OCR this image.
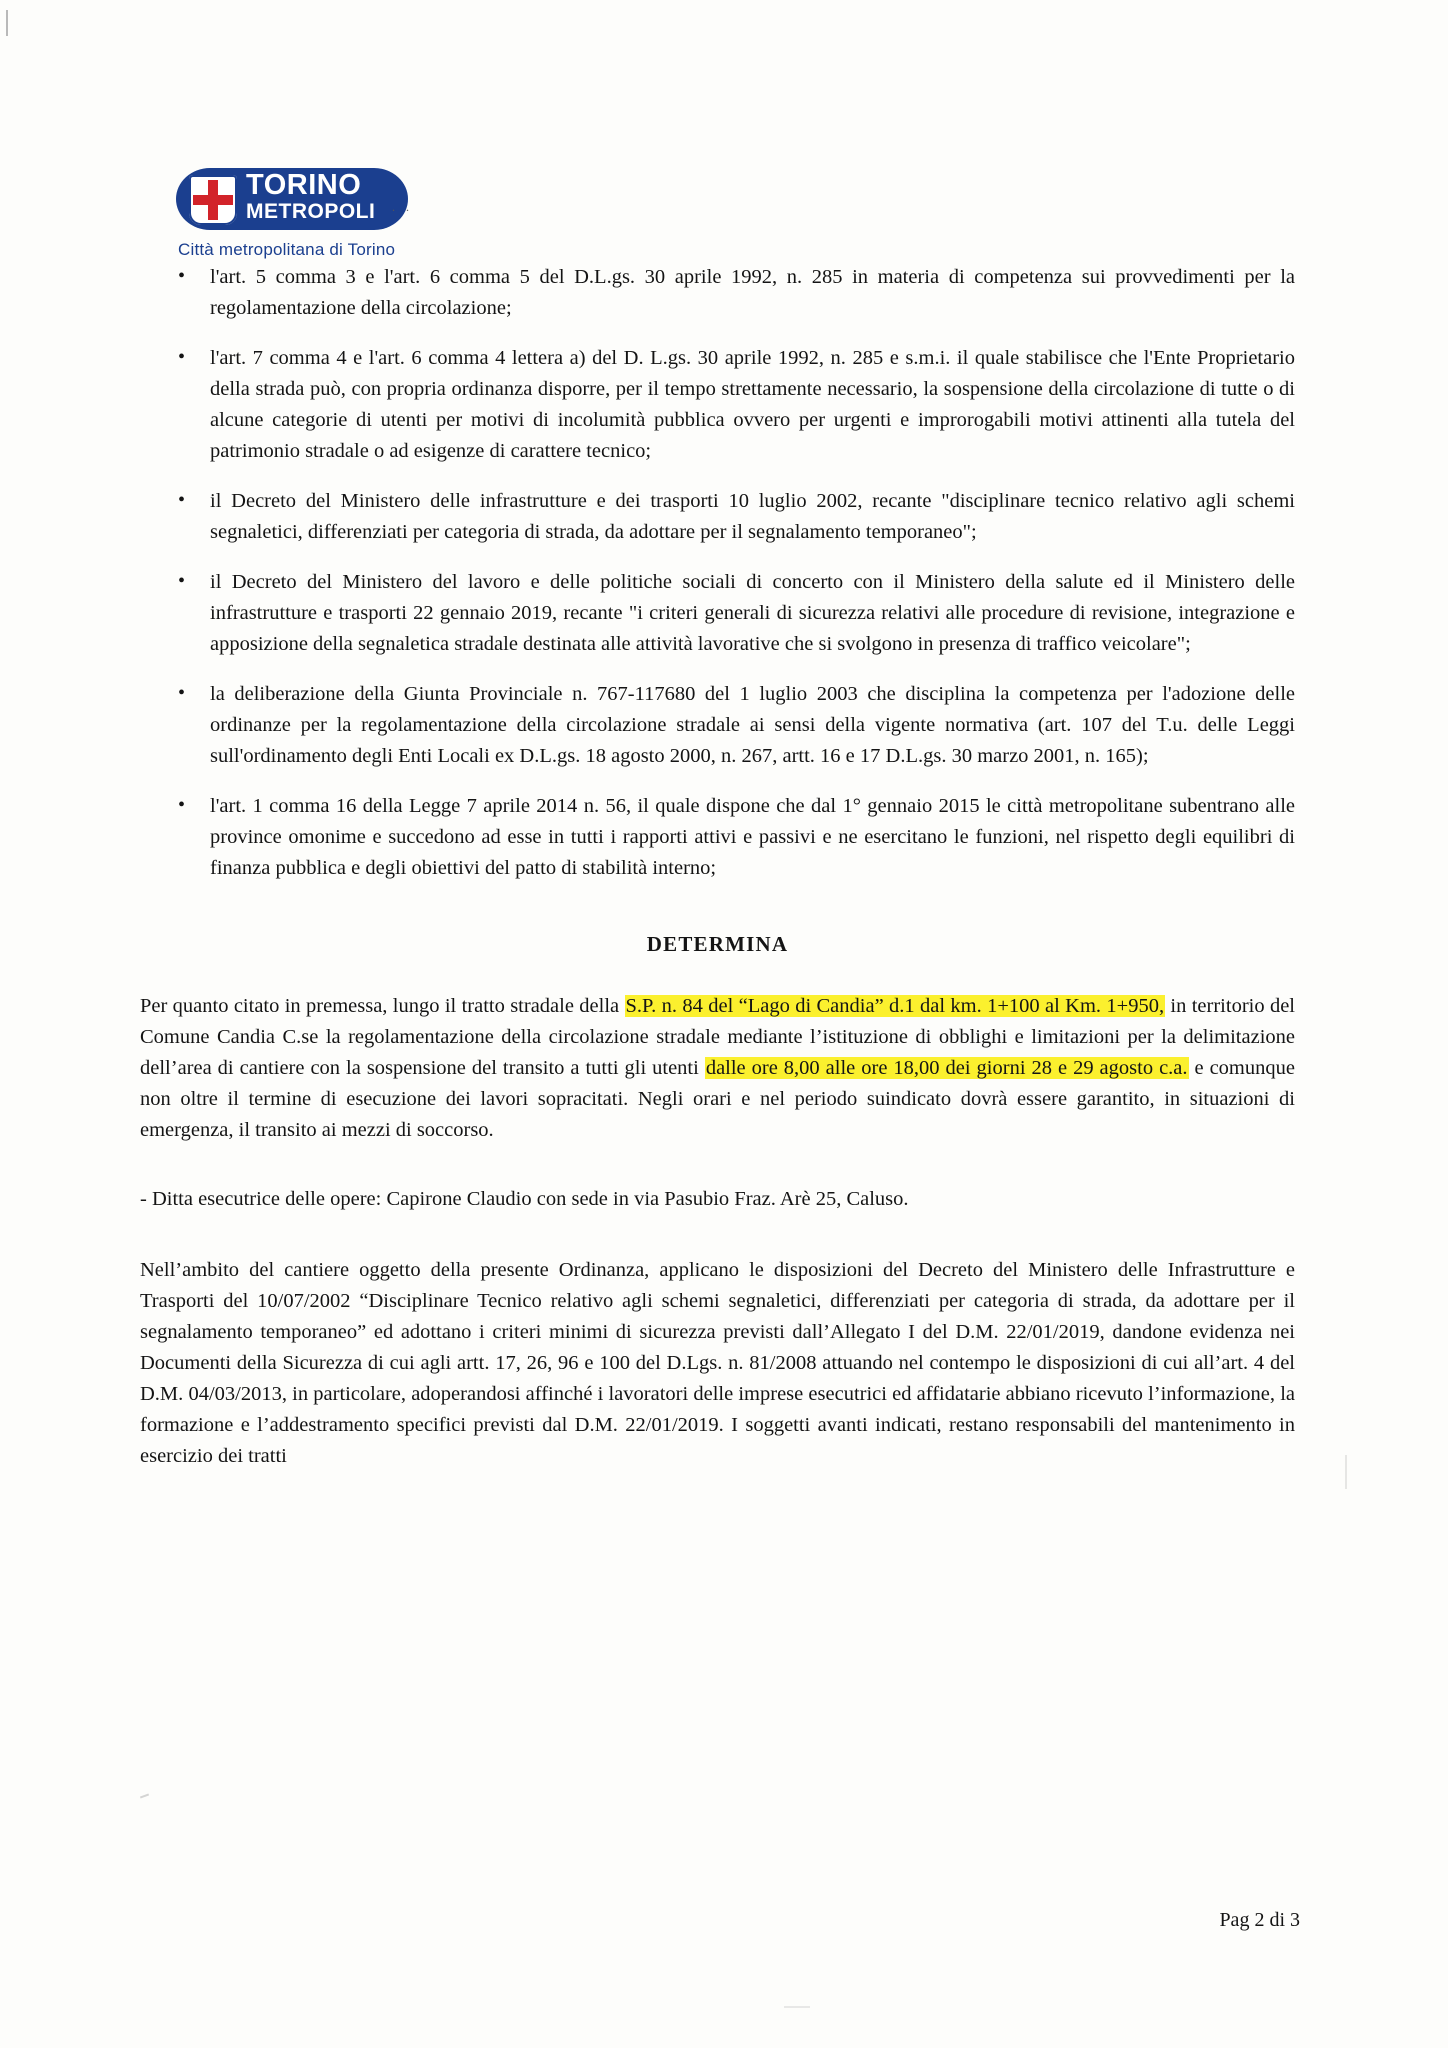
TORINO
METROPOLI
Città metropolitana di Torino
. .
• l'art. 5 comma 3 e l'art. 6 comma 5 del D.L.gs. 30 aprile 1992, n. 285 in materia di competenza sui provvedimenti per la regolamentazione della circolazione;
• l'art. 7 comma 4 e l'art. 6 comma 4 lettera a) del D. L.gs. 30 aprile 1992, n. 285 e s.m.i. il quale stabilisce che l'Ente Proprietario della strada può, con propria ordinanza disporre, per il tempo strettamente necessario, la sospensione della circolazione di tutte o di alcune categorie di utenti per motivi di incolumità pubblica ovvero per urgenti e improrogabili motivi attinenti alla tutela del patrimonio stradale o ad esigenze di carattere tecnico;
• il Decreto del Ministero delle infrastrutture e dei trasporti 10 luglio 2002, recante "disciplinare tecnico relativo agli schemi segnaletici, differenziati per categoria di strada, da adottare per il segnalamento temporaneo";
• il Decreto del Ministero del lavoro e delle politiche sociali di concerto con il Ministero della salute ed il Ministero delle infrastrutture e trasporti 22 gennaio 2019, recante "i criteri generali di sicurezza relativi alle procedure di revisione, integrazione e apposizione della segnaletica stradale destinata alle attività lavorative che si svolgono in presenza di traffico veicolare";
• la deliberazione della Giunta Provinciale n. 767-117680 del 1 luglio 2003 che disciplina la competenza per l'adozione delle ordinanze per la regolamentazione della circolazione stradale ai sensi della vigente normativa (art. 107 del T.u. delle Leggi sull'ordinamento degli Enti Locali ex D.L.gs. 18 agosto 2000, n. 267, artt. 16 e 17 D.L.gs. 30 marzo 2001, n. 165);
• l'art. 1 comma 16 della Legge 7 aprile 2014 n. 56, il quale dispone che dal 1° gennaio 2015 le città metropolitane subentrano alle province omonime e succedono ad esse in tutti i rapporti attivi e passivi e ne esercitano le funzioni, nel rispetto degli equilibri di finanza pubblica e degli obiettivi del patto di stabilità interno;
DETERMINA

Per quanto citato in premessa, lungo il tratto stradale della S.P. n. 84 del “Lago di Candia” d.1 dal km. 1+100 al Km. 1+950, in territorio del Comune Candia C.se la regolamentazione della circolazione stradale mediante l’istituzione di obblighi e limitazioni per la delimitazione dell’area di cantiere con la sospensione del transito a tutti gli utenti dalle ore 8,00 alle ore 18,00 dei giorni 28 e 29 agosto c.a. e comunque non oltre il termine di esecuzione dei lavori sopracitati. Negli orari e nel periodo suindicato dovrà essere garantito, in situazioni di emergenza, il transito ai mezzi di soccorso.

- Ditta esecutrice delle opere: Capirone Claudio con sede in via Pasubio Fraz. Arè 25, Caluso.

Nell’ambito del cantiere oggetto della presente Ordinanza, applicano le disposizioni del Decreto del Ministero delle Infrastrutture e Trasporti del 10/07/2002 “Disciplinare Tecnico relativo agli schemi segnaletici, differenziati per categoria di strada, da adottare per il segnalamento temporaneo” ed adottano i criteri minimi di sicurezza previsti dall’Allegato I del D.M. 22/01/2019, dandone evidenza nei Documenti della Sicurezza di cui agli artt. 17, 26, 96 e 100 del D.Lgs. n. 81/2008 attuando nel contempo le disposizioni di cui all’art. 4 del D.M. 04/03/2013, in particolare, adoperandosi affinché i lavoratori delle imprese esecutrici ed affidatarie abbiano ricevuto l’informazione, la formazione e l’addestramento specifici previsti dal D.M. 22/01/2019. I soggetti avanti indicati, restano responsabili del mantenimento in esercizio dei tratti

Pag 2 di 3
